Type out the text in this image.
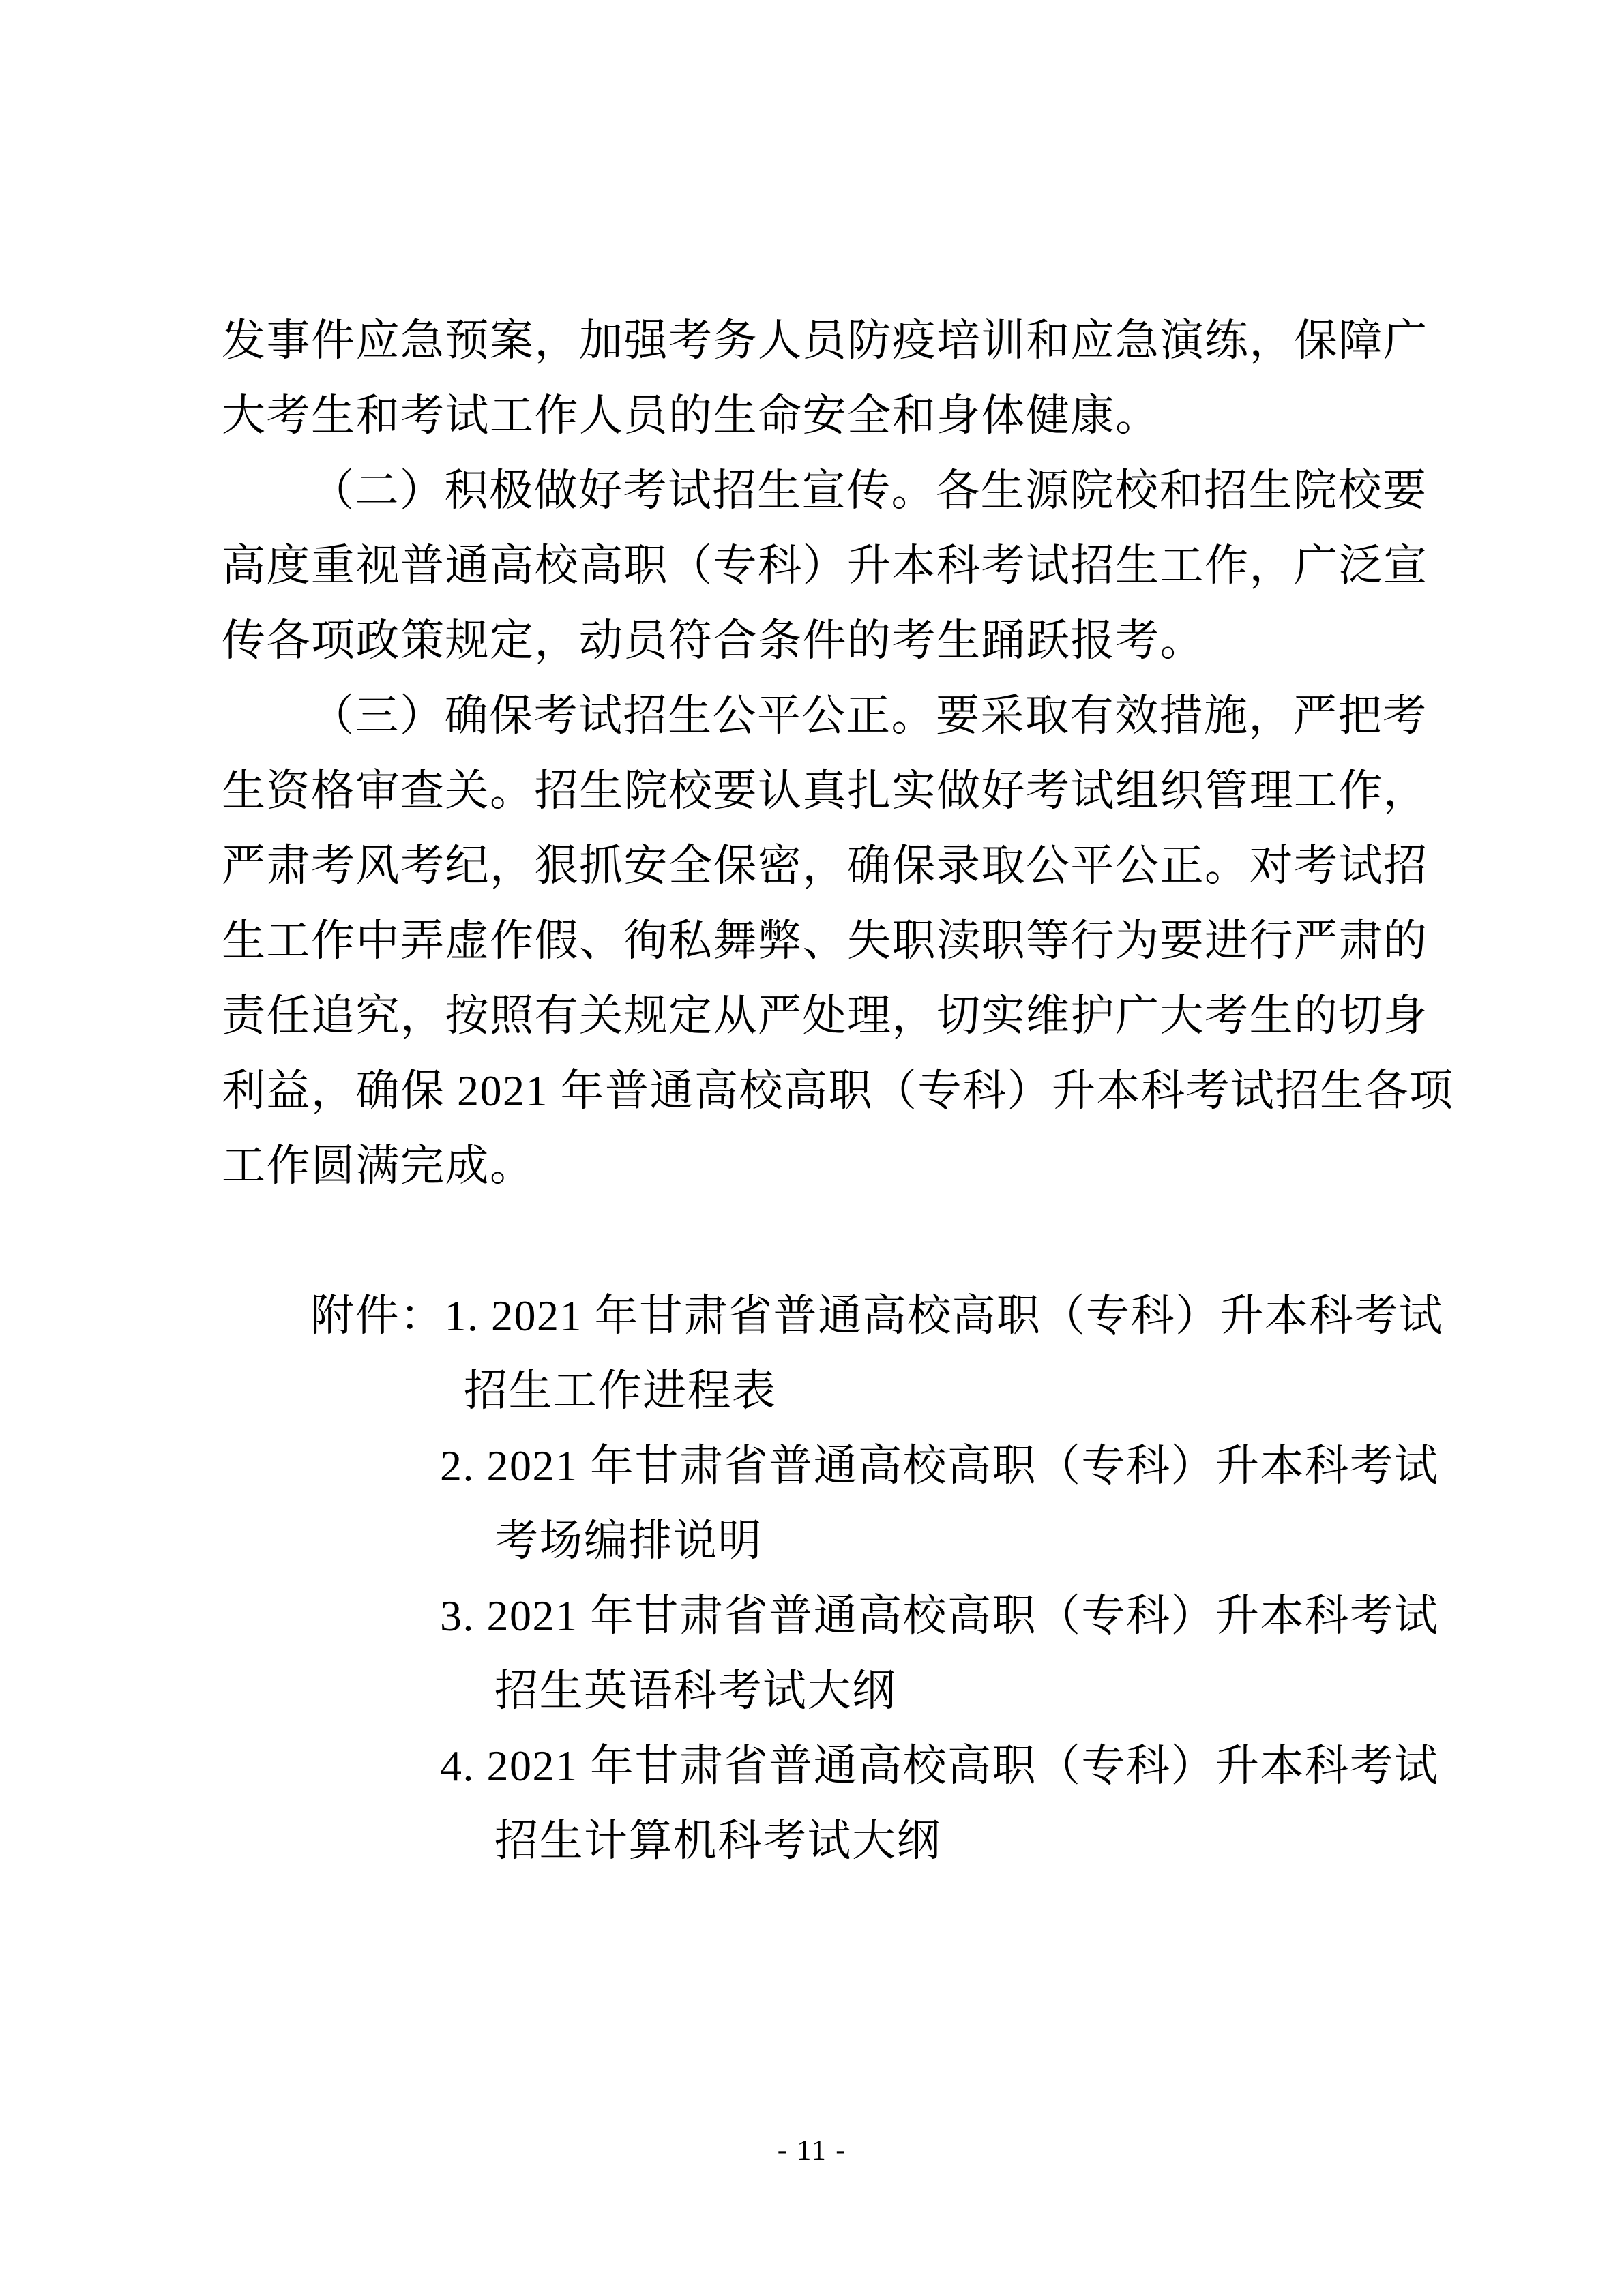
发事件应急预案，加强考务人员防疫培训和应急演练，保障广
大考生和考试工作人员的生命安全和身体健康。
（二）积极做好考试招生宣传。各生源院校和招生院校要
高度重视普通高校高职（专科）升本科考试招生工作，广泛宣
传各项政策规定，动员符合条件的考生踊跃报考。
（三）确保考试招生公平公正。要采取有效措施，严把考
生资格审查关。招生院校要认真扎实做好考试组织管理工作，
严肃考风考纪，狠抓安全保密，确保录取公平公正。对考试招
生工作中弄虚作假、徇私舞弊、失职渎职等行为要进行严肃的
责任追究，按照有关规定从严处理，切实维护广大考生的切身
利益，确保 2021 年普通高校高职（专科）升本科考试招生各项
工作圆满完成。
附件：1. 2021 年甘肃省普通高校高职（专科）升本科考试
招生工作进程表
2. 2021 年甘肃省普通高校高职（专科）升本科考试
考场编排说明
3. 2021 年甘肃省普通高校高职（专科）升本科考试
招生英语科考试大纲
4. 2021 年甘肃省普通高校高职（专科）升本科考试
招生计算机科考试大纲
- 11 -
